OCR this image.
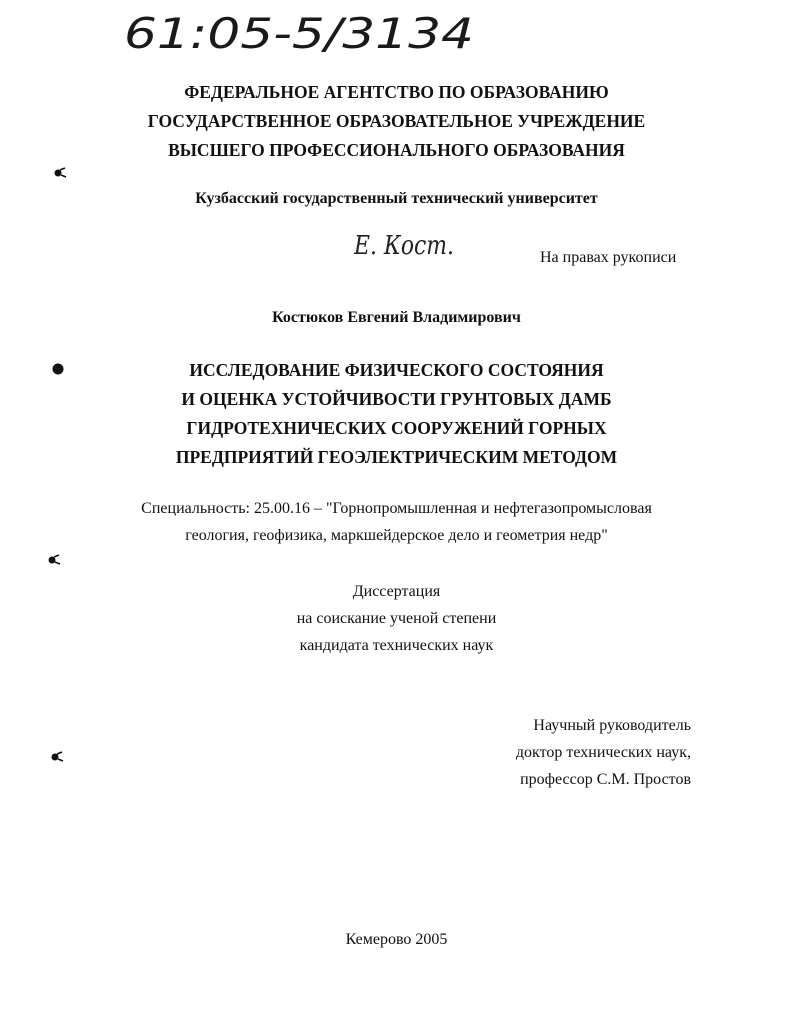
61:05-5/3134
ФЕДЕРАЛЬНОЕ АГЕНТСТВО ПО ОБРАЗОВАНИЮ
ГОСУДАРСТВЕННОЕ ОБРАЗОВАТЕЛЬНОЕ УЧРЕЖДЕНИЕ
ВЫСШЕГО ПРОФЕССИОНАЛЬНОГО ОБРАЗОВАНИЯ
Кузбасский государственный технический университет
Е. Кост.	На правах рукописи
Костюков Евгений Владимирович
ИССЛЕДОВАНИЕ ФИЗИЧЕСКОГО СОСТОЯНИЯ
И ОЦЕНКА УСТОЙЧИВОСТИ ГРУНТОВЫХ ДАМБ
ГИДРОТЕХНИЧЕСКИХ СООРУЖЕНИЙ ГОРНЫХ
ПРЕДПРИЯТИЙ ГЕОЭЛЕКТРИЧЕСКИМ МЕТОДОМ
Специальность: 25.00.16 – "Горнопромышленная и нефтегазопромысловая
геология, геофизика, маркшейдерское дело и геометрия недр"
Диссертация
на соискание ученой степени
кандидата технических наук
Научный руководитель
доктор технических наук,
профессор С.М. Простов
Кемерово 2005
